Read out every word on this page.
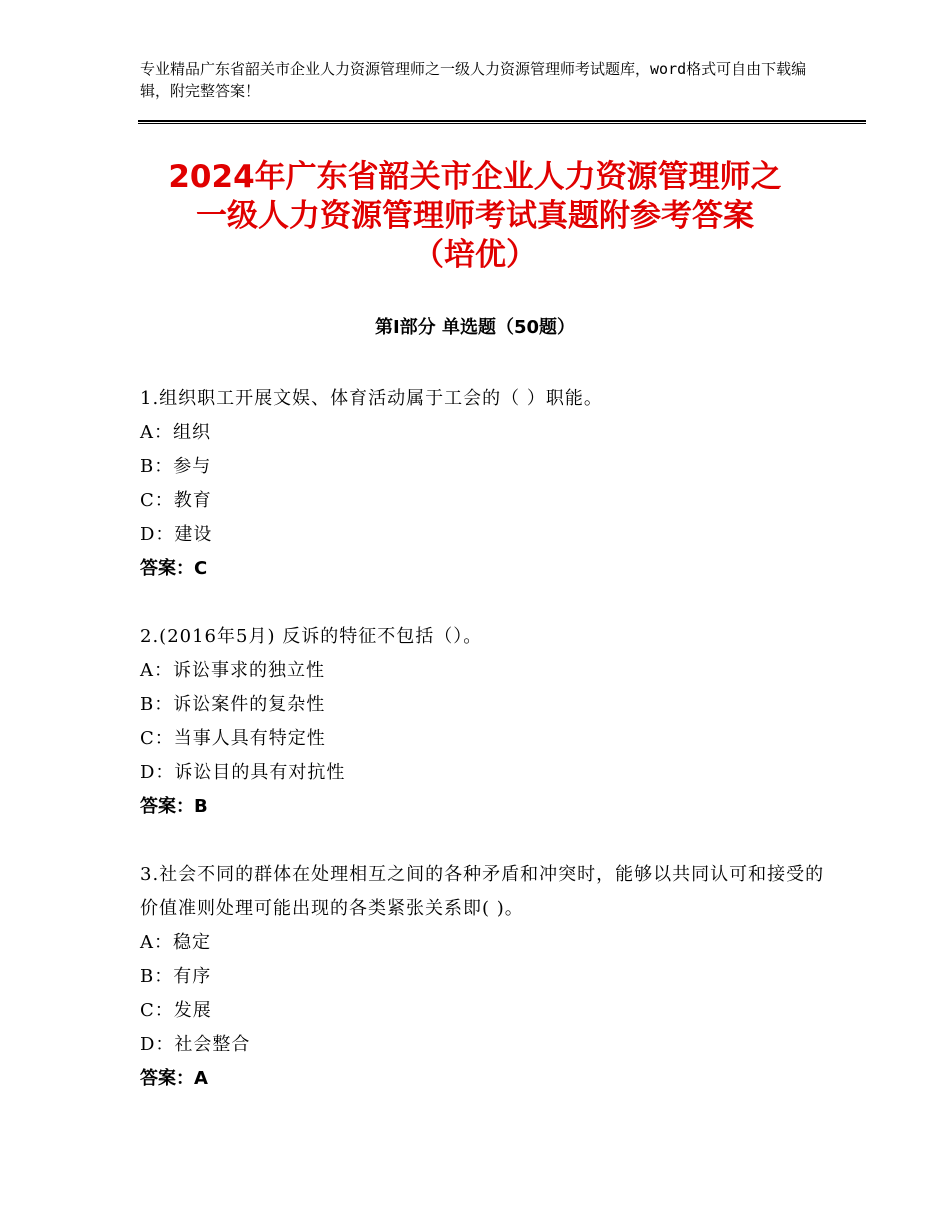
专业精品广东省韶关市企业人力资源管理师之一级人力资源管理师考试题库，word格式可自由下载编辑，附完整答案！
2024年广东省韶关市企业人力资源管理师之
一级人力资源管理师考试真题附参考答案
（培优）
第Ⅰ部分 单选题（50题）
1.组织职工开展文娱、体育活动属于工会的（ ）职能。
A：组织
B：参与
C：教育
D：建设
答案：C
2.(2016年5月) 反诉的特征不包括（）。
A：诉讼事求的独立性
B：诉讼案件的复杂性
C：当事人具有特定性
D：诉讼目的具有对抗性
答案：B
3.社会不同的群体在处理相互之间的各种矛盾和冲突时，能够以共同认可和接受的价值准则处理可能出现的各类紧张关系即( )。
A：稳定
B：有序
C：发展
D：社会整合
答案：A
